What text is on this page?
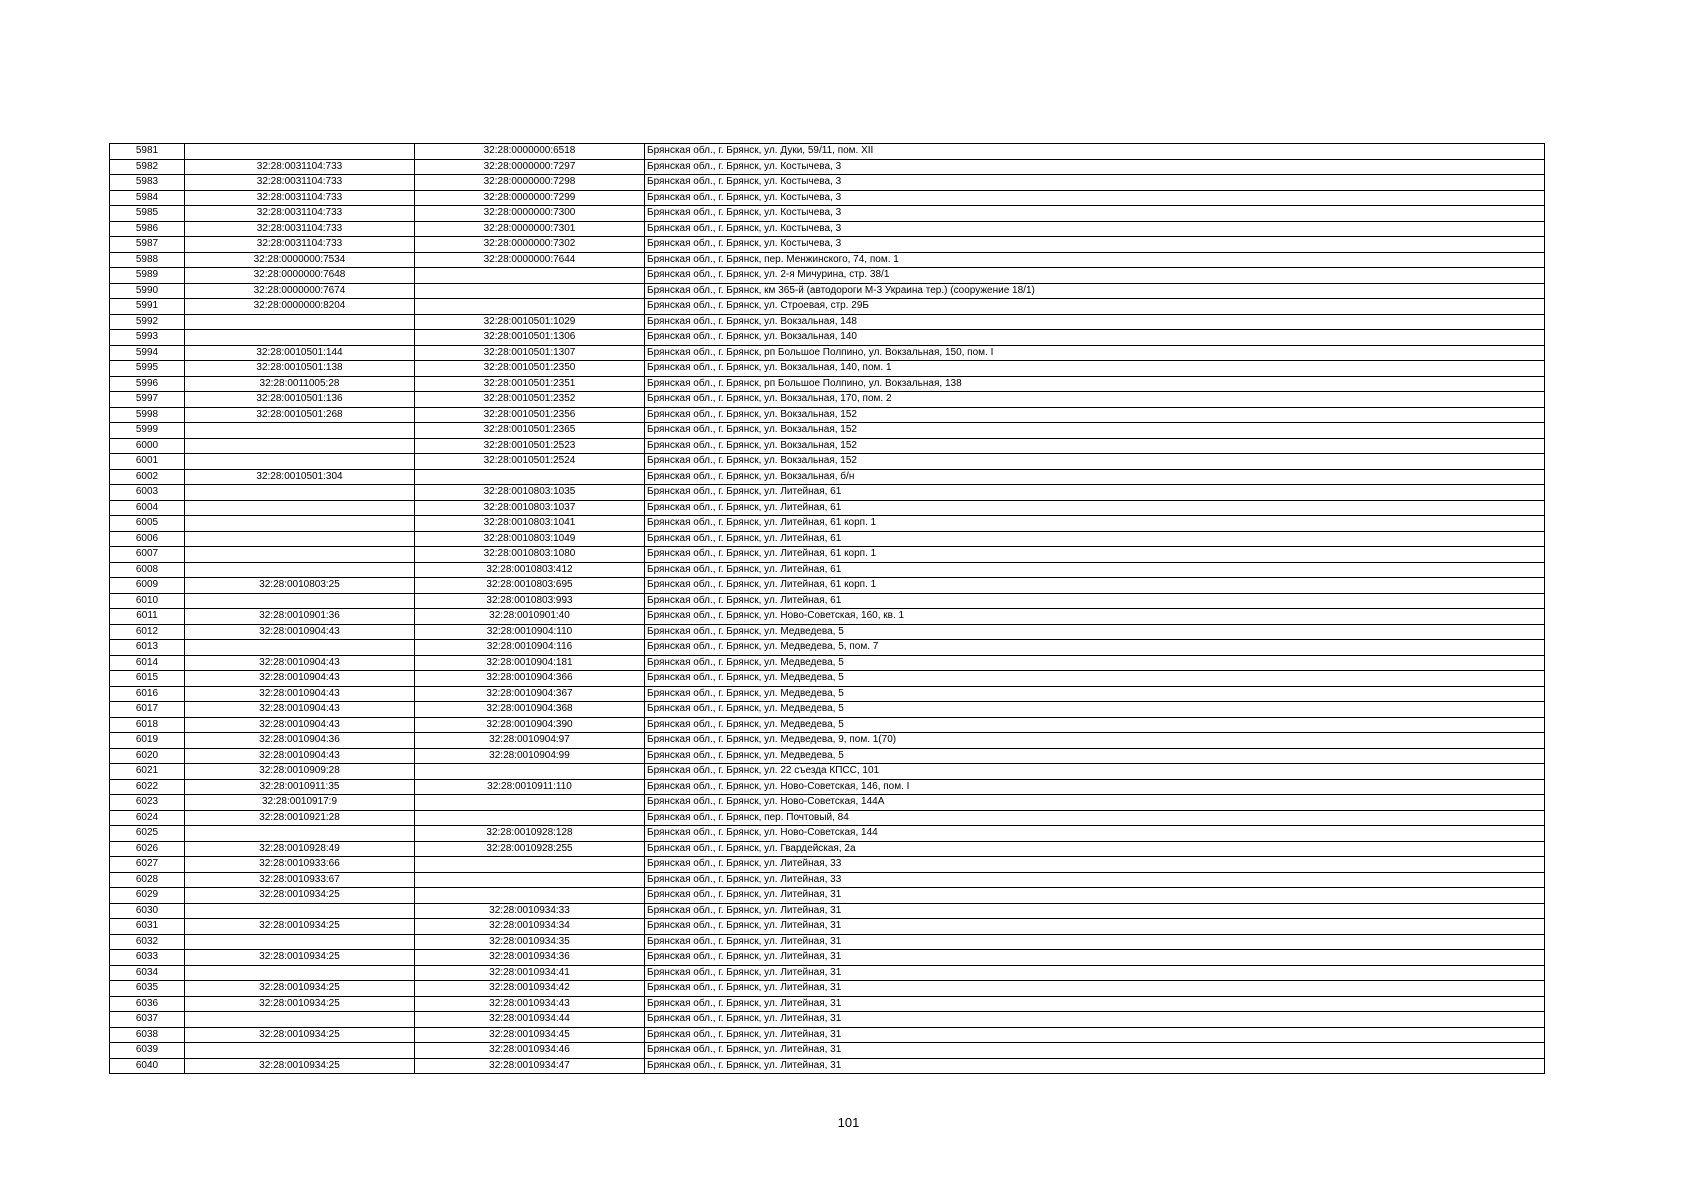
5981		32:28:0000000:6518	Брянская обл., г. Брянск, ул. Дуки, 59/11, пом. XII
5982	32:28:0031104:733	32:28:0000000:7297	Брянская обл., г. Брянск, ул. Костычева, 3
5983	32:28:0031104:733	32:28:0000000:7298	Брянская обл., г. Брянск, ул. Костычева, 3
5984	32:28:0031104:733	32:28:0000000:7299	Брянская обл., г. Брянск, ул. Костычева, 3
5985	32:28:0031104:733	32:28:0000000:7300	Брянская обл., г. Брянск, ул. Костычева, 3
5986	32:28:0031104:733	32:28:0000000:7301	Брянская обл., г. Брянск, ул. Костычева, 3
5987	32:28:0031104:733	32:28:0000000:7302	Брянская обл., г. Брянск, ул. Костычева, 3
5988	32:28:0000000:7534	32:28:0000000:7644	Брянская обл., г. Брянск, пер. Менжинского, 74, пом. 1
5989	32:28:0000000:7648		Брянская обл., г. Брянск, ул. 2-я Мичурина, стр. 38/1
5990	32:28:0000000:7674		Брянская обл., г. Брянск, км 365-й (автодороги М-3 Украина тер.) (сооружение 18/1)
5991	32:28:0000000:8204		Брянская обл., г. Брянск, ул. Строевая, стр. 29Б
5992		32:28:0010501:1029	Брянская обл., г. Брянск, ул. Вокзальная, 148
5993		32:28:0010501:1306	Брянская обл., г. Брянск, ул. Вокзальная, 140
5994	32:28:0010501:144	32:28:0010501:1307	Брянская обл., г. Брянск, рп Большое Полпино, ул. Вокзальная, 150, пом. I
5995	32:28:0010501:138	32:28:0010501:2350	Брянская обл., г. Брянск, ул. Вокзальная, 140, пом. 1
5996	32:28:0011005:28	32:28:0010501:2351	Брянская обл., г. Брянск, рп Большое Полпино, ул. Вокзальная, 138
5997	32:28:0010501:136	32:28:0010501:2352	Брянская обл., г. Брянск, ул. Вокзальная, 170, пом. 2
5998	32:28:0010501:268	32:28:0010501:2356	Брянская обл., г. Брянск, ул. Вокзальная, 152
5999		32:28:0010501:2365	Брянская обл., г. Брянск, ул. Вокзальная, 152
6000		32:28:0010501:2523	Брянская обл., г. Брянск, ул. Вокзальная, 152
6001		32:28:0010501:2524	Брянская обл., г. Брянск, ул. Вокзальная, 152
6002	32:28:0010501:304		Брянская обл., г. Брянск, ул. Вокзальная, б/н
6003		32:28:0010803:1035	Брянская обл., г. Брянск, ул. Литейная, 61
6004		32:28:0010803:1037	Брянская обл., г. Брянск, ул. Литейная, 61
6005		32:28:0010803:1041	Брянская обл., г. Брянск, ул. Литейная, 61 корп. 1
6006		32:28:0010803:1049	Брянская обл., г. Брянск, ул. Литейная, 61
6007		32:28:0010803:1080	Брянская обл., г. Брянск, ул. Литейная, 61 корп. 1
6008		32:28:0010803:412	Брянская обл., г. Брянск, ул. Литейная, 61
6009	32:28:0010803:25	32:28:0010803:695	Брянская обл., г. Брянск, ул. Литейная, 61 корп. 1
6010		32:28:0010803:993	Брянская обл., г. Брянск, ул. Литейная, 61
6011	32:28:0010901:36	32:28:0010901:40	Брянская обл., г. Брянск, ул. Ново-Советская, 160, кв. 1
6012	32:28:0010904:43	32:28:0010904:110	Брянская обл., г. Брянск, ул. Медведева, 5
6013		32:28:0010904:116	Брянская обл., г. Брянск, ул. Медведева, 5, пом. 7
6014	32:28:0010904:43	32:28:0010904:181	Брянская обл., г. Брянск, ул. Медведева, 5
6015	32:28:0010904:43	32:28:0010904:366	Брянская обл., г. Брянск, ул. Медведева, 5
6016	32:28:0010904:43	32:28:0010904:367	Брянская обл., г. Брянск, ул. Медведева, 5
6017	32:28:0010904:43	32:28:0010904:368	Брянская обл., г. Брянск, ул. Медведева, 5
6018	32:28:0010904:43	32:28:0010904:390	Брянская обл., г. Брянск, ул. Медведева, 5
6019	32:28:0010904:36	32:28:0010904:97	Брянская обл., г. Брянск, ул. Медведева, 9, пом. 1(70)
6020	32:28:0010904:43	32:28:0010904:99	Брянская обл., г. Брянск, ул. Медведева, 5
6021	32:28:0010909:28		Брянская обл., г. Брянск, ул. 22 съезда КПСС, 101
6022	32:28:0010911:35	32:28:0010911:110	Брянская обл., г. Брянск, ул. Ново-Советская, 146, пом. I
6023	32:28:0010917:9		Брянская обл., г. Брянск, ул. Ново-Советская, 144А
6024	32:28:0010921:28		Брянская обл., г. Брянск, пер. Почтовый, 84
6025		32:28:0010928:128	Брянская обл., г. Брянск, ул. Ново-Советская, 144
6026	32:28:0010928:49	32:28:0010928:255	Брянская обл., г. Брянск, ул. Гвардейская, 2а
6027	32:28:0010933:66		Брянская обл., г. Брянск, ул. Литейная, 33
6028	32:28:0010933:67		Брянская обл., г. Брянск, ул. Литейная, 33
6029	32:28:0010934:25		Брянская обл., г. Брянск, ул. Литейная, 31
6030		32:28:0010934:33	Брянская обл., г. Брянск, ул. Литейная, 31
6031	32:28:0010934:25	32:28:0010934:34	Брянская обл., г. Брянск, ул. Литейная, 31
6032		32:28:0010934:35	Брянская обл., г. Брянск, ул. Литейная, 31
6033	32:28:0010934:25	32:28:0010934:36	Брянская обл., г. Брянск, ул. Литейная, 31
6034		32:28:0010934:41	Брянская обл., г. Брянск, ул. Литейная, 31
6035	32:28:0010934:25	32:28:0010934:42	Брянская обл., г. Брянск, ул. Литейная, 31
6036	32:28:0010934:25	32:28:0010934:43	Брянская обл., г. Брянск, ул. Литейная, 31
6037		32:28:0010934:44	Брянская обл., г. Брянск, ул. Литейная, 31
6038	32:28:0010934:25	32:28:0010934:45	Брянская обл., г. Брянск, ул. Литейная, 31
6039		32:28:0010934:46	Брянская обл., г. Брянск, ул. Литейная, 31
6040	32:28:0010934:25	32:28:0010934:47	Брянская обл., г. Брянск, ул. Литейная, 31
101
